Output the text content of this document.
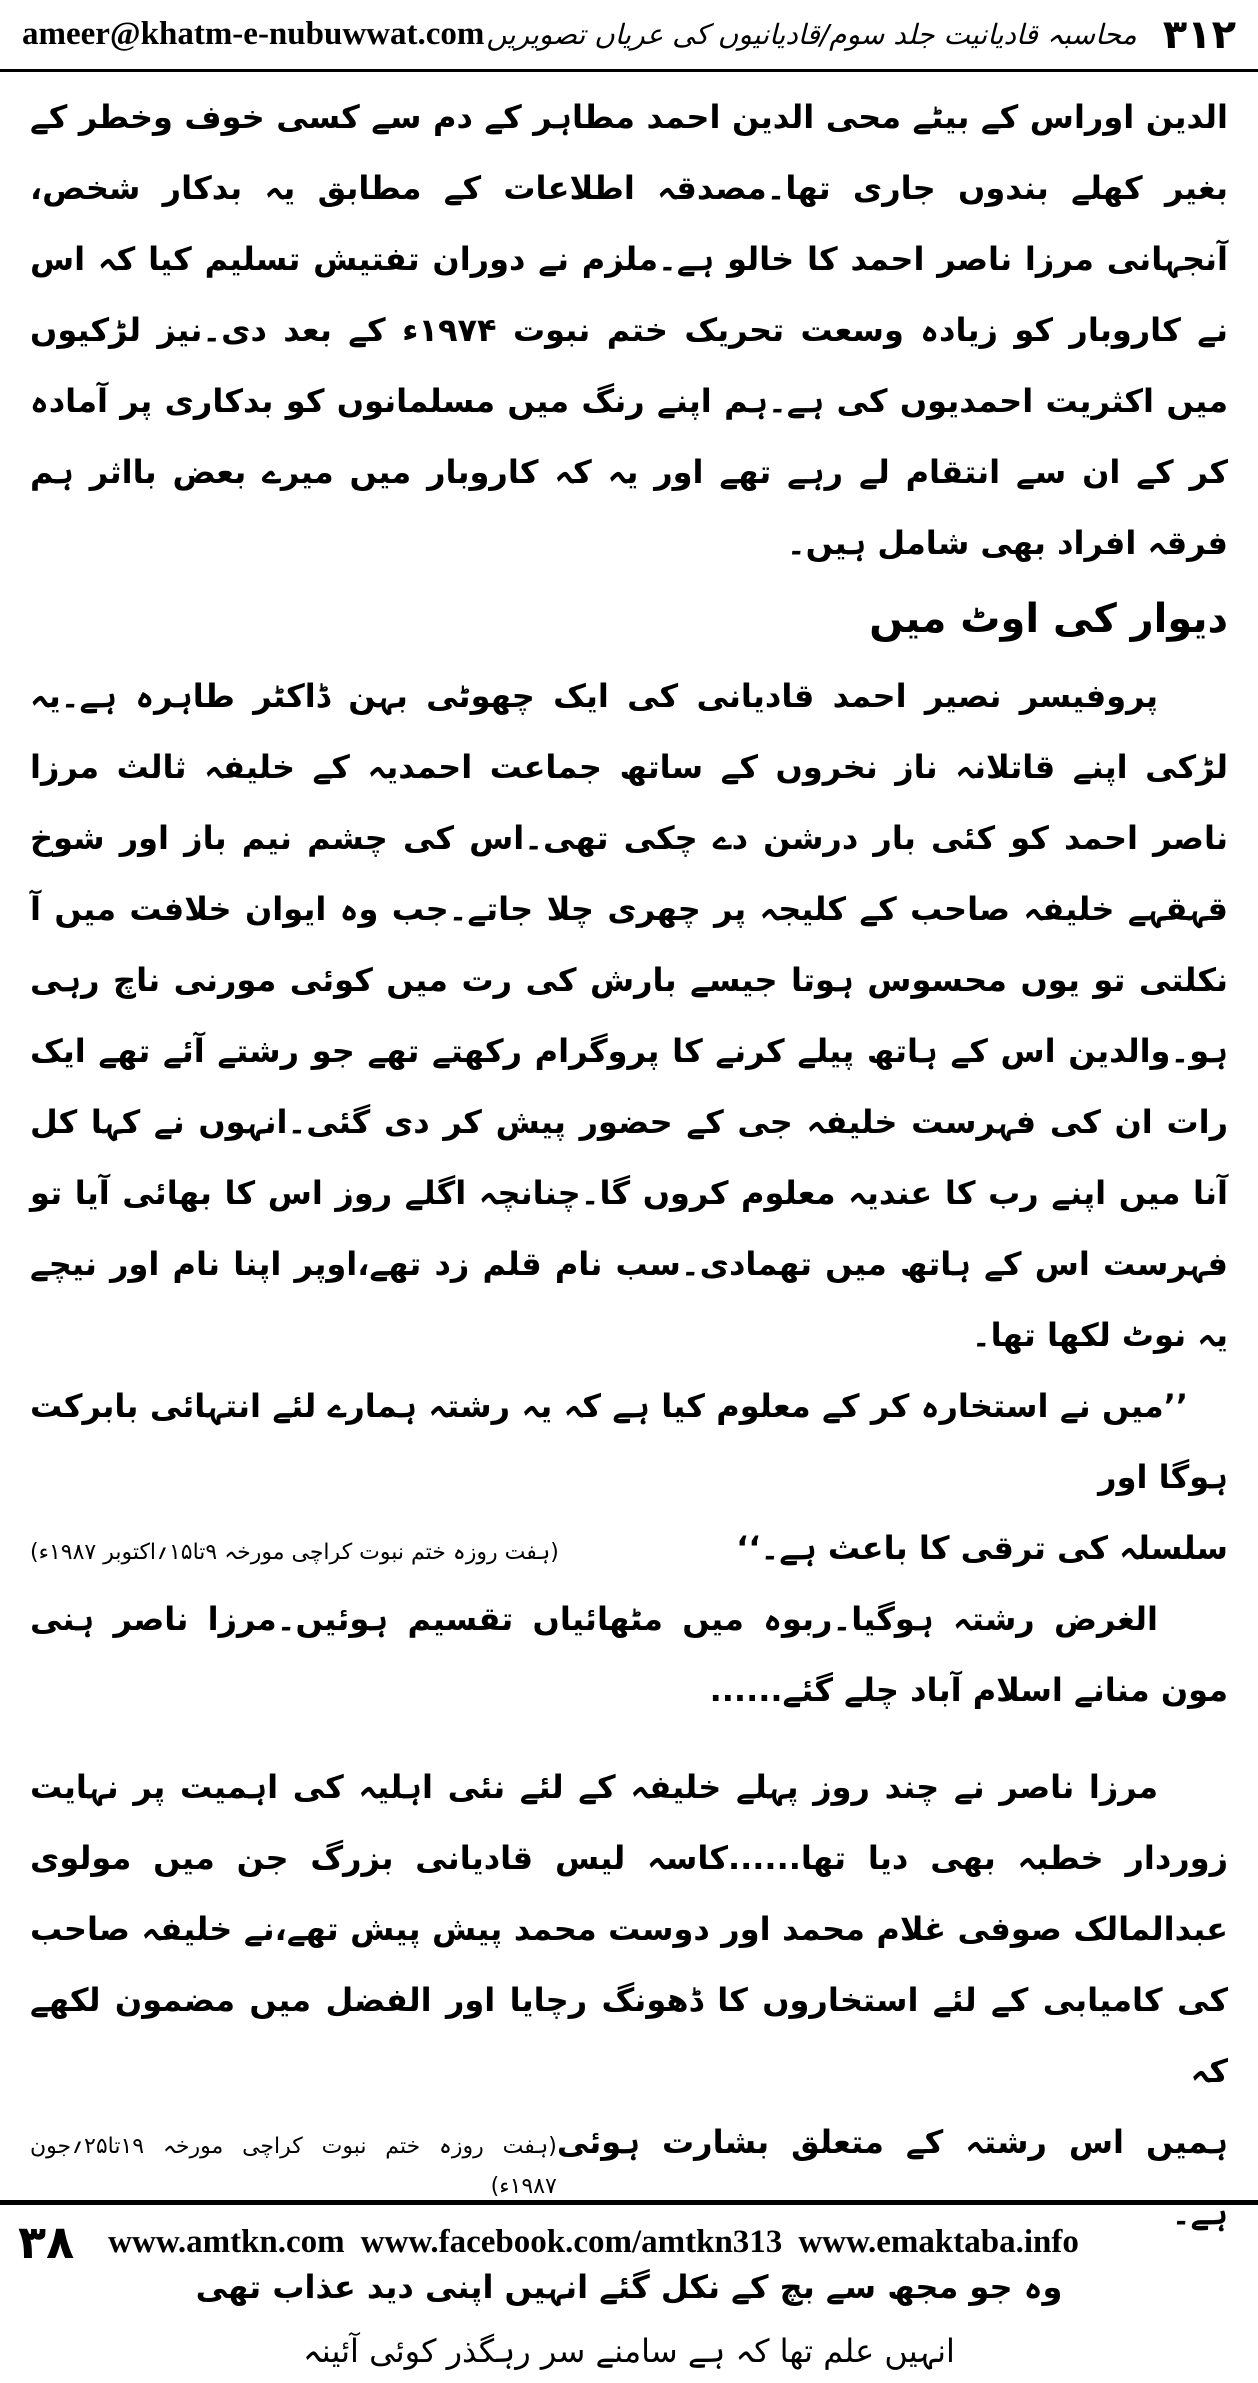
ameer@khatm-e-nubuwwat.com	۳۱۲
محاسبہ قادیانیت جلد سوم/قادیانیوں کی عریاں تصویریں

الدین اوراس کے بیٹے محی الدین احمد مطاہر کے دم سے کسی خوف وخطر کے بغیر کھلے بندوں جاری تھا۔مصدقہ اطلاعات کے مطابق یہ بدکار شخص، آنجہانی مرزا ناصر احمد کا خالو ہے۔ملزم نے دوران تفتیش تسلیم کیا کہ اس نے کاروبار کو زیادہ وسعت تحریک ختم نبوت ۱۹۷۴ء کے بعد دی۔نیز لڑکیوں میں اکثریت احمدیوں کی ہے۔ہم اپنے رنگ میں مسلمانوں کو بدکاری پر آمادہ کر کے ان سے انتقام لے رہے تھے اور یہ کہ کاروبار میں میرے بعض بااثر ہم فرقہ افراد بھی شامل ہیں۔

دیوار کی اوٹ میں

پروفیسر نصیر احمد قادیانی کی ایک چھوٹی بہن ڈاکٹر طاہرہ ہے۔یہ لڑکی اپنے قاتلانہ ناز نخروں کے ساتھ جماعت احمدیہ کے خلیفہ ثالث مرزا ناصر احمد کو کئی بار درشن دے چکی تھی۔اس کی چشم نیم باز اور شوخ قہقہے خلیفہ صاحب کے کلیجہ پر چھری چلا جاتے۔جب وہ ایوان خلافت میں آ نکلتی تو یوں محسوس ہوتا جیسے بارش کی رت میں کوئی مورنی ناچ رہی ہو۔والدین اس کے ہاتھ پیلے کرنے کا پروگرام رکھتے تھے جو رشتے آئے تھے ایک رات ان کی فہرست خلیفہ جی کے حضور پیش کر دی گئی۔انہوں نے کہا کل آنا میں اپنے رب کا عندیہ معلوم کروں گا۔چنانچہ اگلے روز اس کا بھائی آیا تو فہرست اس کے ہاتھ میں تھمادی۔سب نام قلم زد تھے،اوپر اپنا نام اور نیچے یہ نوٹ لکھا تھا۔

’’میں نے استخارہ کر کے معلوم کیا ہے کہ یہ رشتہ ہمارے لئے انتہائی بابرکت ہوگا اور

سلسلہ کی ترقی کا باعث ہے۔‘‘
(ہفت روزہ ختم نبوت کراچی مورخہ ۹تا۱۵؍اکتوبر ۱۹۸۷ء)

الغرض رشتہ ہوگیا۔ربوہ میں مٹھائیاں تقسیم ہوئیں۔مرزا ناصر ہنی مون منانے اسلام آباد چلے گئے......

مرزا ناصر نے چند روز پہلے خلیفہ کے لئے نئی اہلیہ کی اہمیت پر نہایت زوردار خطبہ بھی دیا تھا......کاسہ لیس قادیانی بزرگ جن میں مولوی عبدالمالک صوفی غلام محمد اور دوست محمد پیش پیش تھے،نے خلیفہ صاحب کی کامیابی کے لئے استخاروں کا ڈھونگ رچایا اور الفضل میں مضمون لکھے کہ

ہمیں اس رشتہ کے متعلق بشارت ہوئی ہے۔
(ہفت روزہ ختم نبوت کراچی مورخہ ۱۹تا۲۵؍جون ۱۹۸۷ء)
وہ جو مجھ سے بچ کے نکل گئے انہیں اپنی دید عذاب تھی
انہیں علم تھا کہ ہے سامنے سر رہگذر کوئی آئینہ
۳۸ www.amtkn.com www.facebook.com/amtkn313 www.emaktaba.info
